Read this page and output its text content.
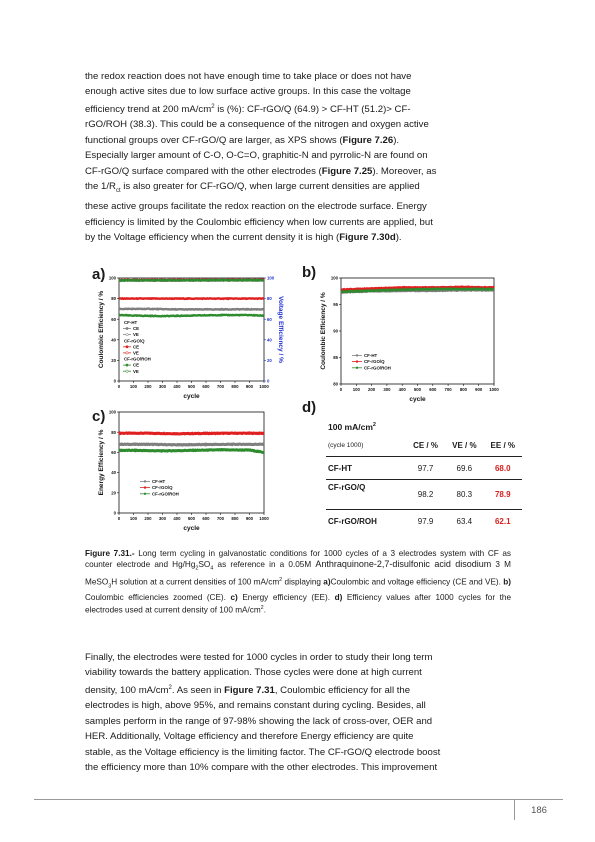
the redox reaction does not have enough time to take place or does not have
enough active sites due to low surface active groups. In this case the voltage
efficiency trend at 200 $mA/cm^2$ is (%): CF-rGO/Q (64.9) > CF-HT (51.2)> CF-
rGO/ROH (38.3). This could be a consequence of the nitrogen and oxygen active
functional groups over CF-rGO/Q are larger, as XPS shows (Figure 7.26).
Especially larger amount of C-O, O-C=O, graphitic-N and pyrrolic-N are found on
CF-rGO/Q surface compared with the other electrodes (Figure 7.25). Moreover, as
the $1/R_{ct}$ is also greater for CF-rGO/Q, when large current densities are applied
these active groups facilitate the redox reaction on the electrode surface. Energy
efficiency is limited by the Coulombic efficiency when low currents are applied, but
by the Voltage efficiency when the current density it is high (Figure 7.30d).
a)	b)
c)
d)
0 100 200 300 400 500 600 700 800 900 1000
0
20
40
60
80
100
0
20
40
60
80
100
cycle
Coulombic Efficiency / %	Voltage Efficiency / %
CF-HT
CE
VE
CF-rGO/Q
CE
VE
CF-rGO/ROH
CE
VE
0 100 200 300 400 500 600 700 800 900 1000
80
85
90
95
100
cycle
Coulombic Efficiency / %	CF-HT
CF-rGO/Q
CF-rGO/ROH
0 100 200 300 400 500 600 700 800 900 1000
0
20
40
60
80
100
cycle
Energy Efficiency / %	CF-HT
CF-rGO/Q
CF-rGO/ROH
100 $mA/cm^2$
(cycle 1000)	CE / %	VE / %	EE / %
CF-HT	97.7	69.6	68.0
CF-rGO/Q	98.2	80.3	78.9
CF-rGO/ROH	97.9	63.4	62.1
Figure 7.31.- Long term cycling in galvanostatic conditions for 1000 cycles of a 3 electrodes system with CF as counter electrode and $Hg/Hg_2SO_4$ as reference in a 0.05M Anthraquinone-2,7-disulfonic acid disodium 3 M MeSO$_3$H solution at a current densities of 100 $mA/cm^2$ displaying a)Coulombic and voltage efficiency (CE and VE). b) Coulombic efficiencies zoomed (CE). c) Energy efficiency (EE). d) Efficiency values after 1000 cycles for the electrodes used at current density of 100 $mA/cm^2$.
Finally, the electrodes were tested for 1000 cycles in order to study their long term
viability towards the battery application. Those cycles were done at high current
density, 100 $mA/cm^2$. As seen in Figure 7.31, Coulombic efficiency for all the
electrodes is high, above 95%, and remains constant during cycling. Besides, all
samples perform in the range of 97-98% showing the lack of cross-over, OER and
HER. Additionally, Voltage efficiency and therefore Energy efficiency are quite
stable, as the Voltage efficiency is the limiting factor. The CF-rGO/Q electrode boost
the efficiency more than 10% compare with the other electrodes. This improvement
186
